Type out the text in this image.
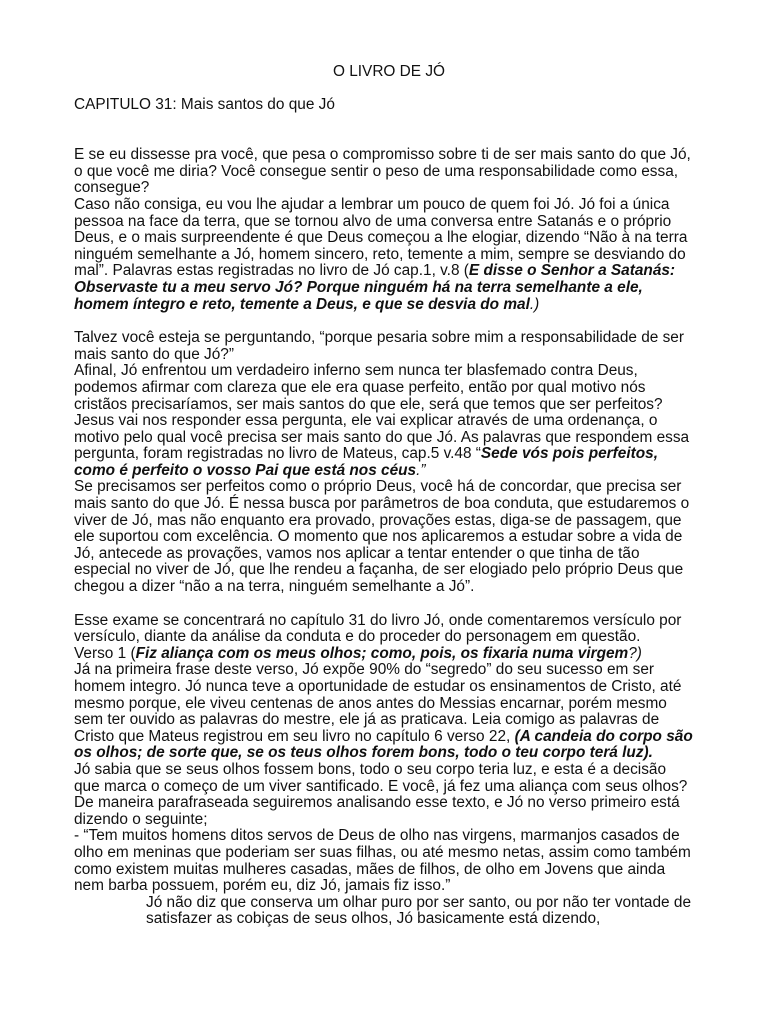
O LIVRO DE JÓ
CAPITULO 31: Mais santos do que Jó

E se eu dissesse pra você, que pesa o compromisso sobre ti de ser mais santo do que Jó, o que você me diria? Você consegue sentir o peso de uma responsabilidade como essa, consegue?

Caso não consiga, eu vou lhe ajudar a lembrar um pouco de quem foi Jó. Jó foi a única pessoa na face da terra, que se tornou alvo de uma conversa entre Satanás e o próprio Deus, e o mais surpreendente é que Deus começou a lhe elogiar, dizendo “Não à na terra ninguém semelhante a Jó, homem sincero, reto, temente a mim, sempre se desviando do mal”. Palavras estas registradas no livro de Jó cap.1, v.8 (E disse o Senhor a Satanás: Observaste tu a meu servo Jó? Porque ninguém há na terra semelhante a ele, homem íntegro e reto, temente a Deus, e que se desvia do mal.)

Talvez você esteja se perguntando, “porque pesaria sobre mim a responsabilidade de ser mais santo do que Jó?”

Afinal, Jó enfrentou um verdadeiro inferno sem nunca ter blasfemado contra Deus, podemos afirmar com clareza que ele era quase perfeito, então por qual motivo nós cristãos precisaríamos, ser mais santos do que ele, será que temos que ser perfeitos? Jesus vai nos responder essa pergunta, ele vai explicar através de uma ordenança, o motivo pelo qual você precisa ser mais santo do que Jó. As palavras que respondem essa pergunta, foram registradas no livro de Mateus, cap.5 v.48 “Sede vós pois perfeitos, como é perfeito o vosso Pai que está nos céus.”

Se precisamos ser perfeitos como o próprio Deus, você há de concordar, que precisa ser mais santo do que Jó. É nessa busca por parâmetros de boa conduta, que estudaremos o viver de Jó, mas não enquanto era provado, provações estas, diga-se de passagem, que ele suportou com excelência. O momento que nos aplicaremos a estudar sobre a vida de Jó, antecede as provações, vamos nos aplicar a tentar entender o que tinha de tão especial no viver de Jó, que lhe rendeu a façanha, de ser elogiado pelo próprio Deus que chegou a dizer “não a na terra, ninguém semelhante a Jó”.

Esse exame se concentrará no capítulo 31 do livro Jó, onde comentaremos versículo por versículo, diante da análise da conduta e do proceder do personagem em questão.

Verso 1 (Fiz aliança com os meus olhos; como, pois, os fixaria numa virgem?)

Já na primeira frase deste verso, Jó expõe 90% do “segredo” do seu sucesso em ser homem integro. Jó nunca teve a oportunidade de estudar os ensinamentos de Cristo, até mesmo porque, ele viveu centenas de anos antes do Messias encarnar, porém mesmo sem ter ouvido as palavras do mestre, ele já as praticava. Leia comigo as palavras de Cristo que Mateus registrou em seu livro no capítulo 6 verso 22, (A candeia do corpo são os olhos; de sorte que, se os teus olhos forem bons, todo o teu corpo terá luz).

Jó sabia que se seus olhos fossem bons, todo o seu corpo teria luz, e esta é a decisão que marca o começo de um viver santificado. E você, já fez uma aliança com seus olhos? De maneira parafraseada seguiremos analisando esse texto, e Jó no verso primeiro está dizendo o seguinte;

- “Tem muitos homens ditos servos de Deus de olho nas virgens, marmanjos casados de olho em meninas que poderiam ser suas filhas, ou até mesmo netas, assim como também como existem muitas mulheres casadas, mães de filhos, de olho em Jovens que ainda nem barba possuem, porém eu, diz Jó, jamais fiz isso.”

Jó não diz que conserva um olhar puro por ser santo, ou por não ter vontade de satisfazer as cobiças de seus olhos, Jó basicamente está dizendo,
